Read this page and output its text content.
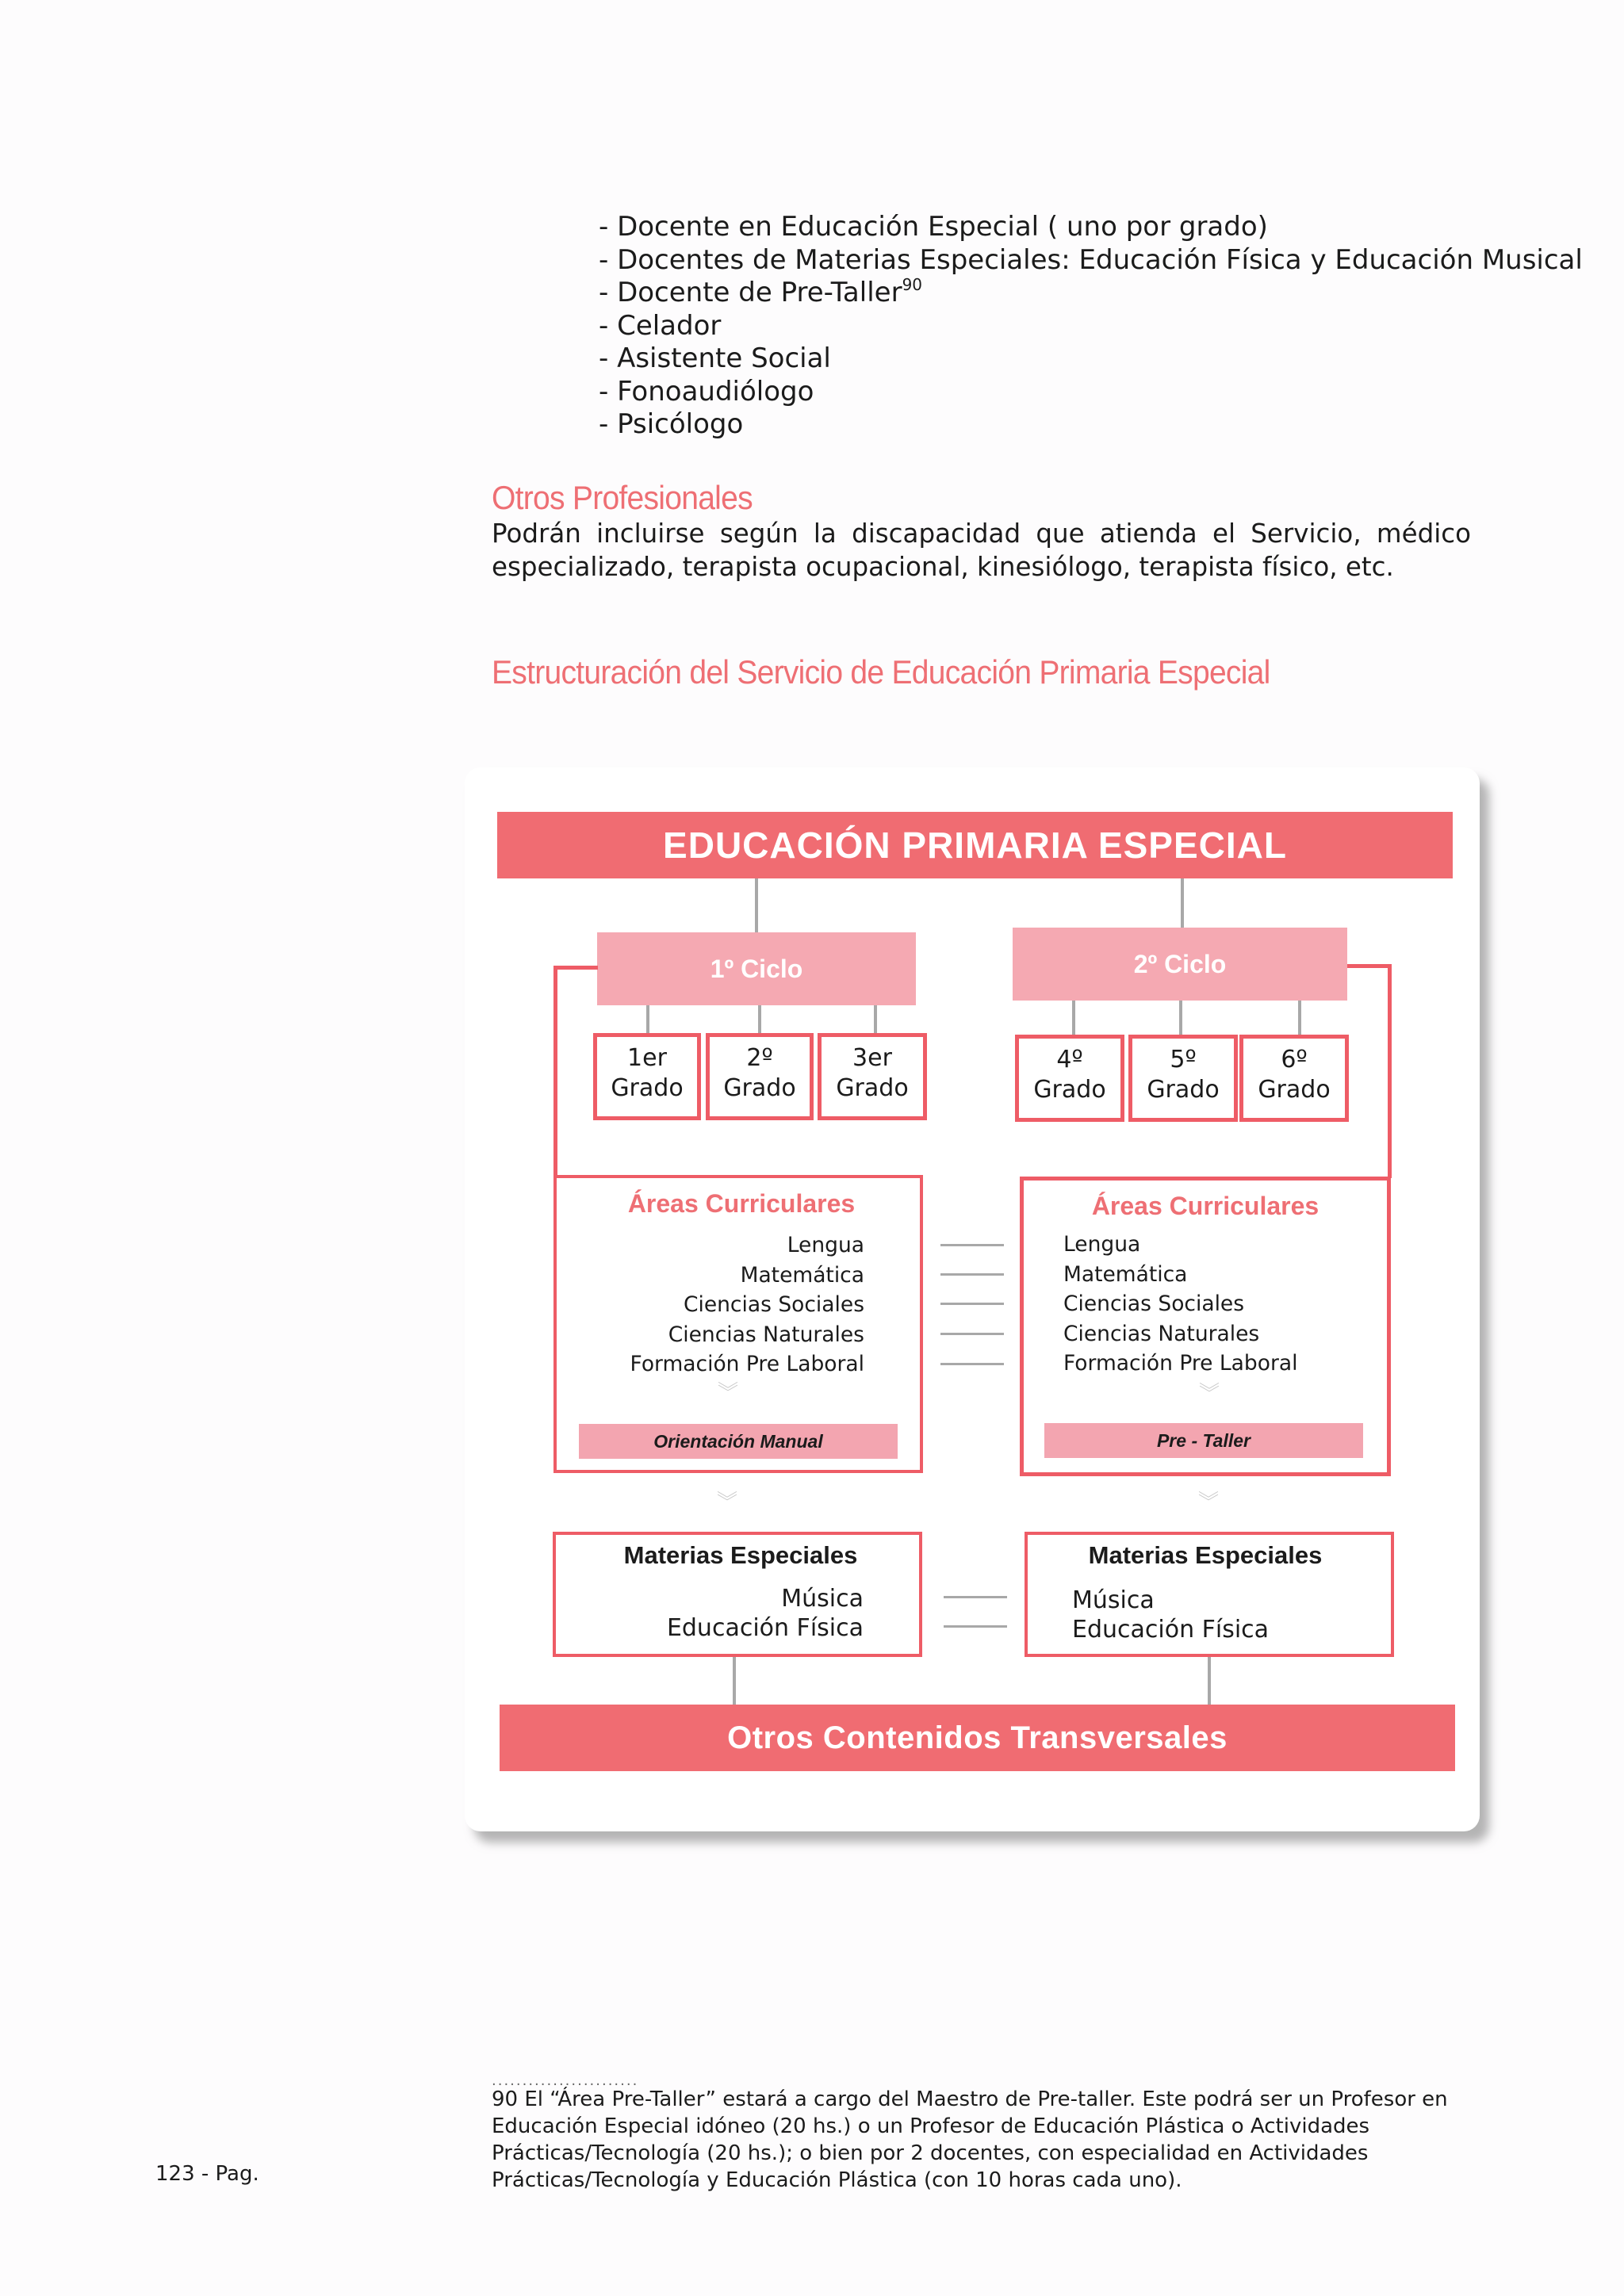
- Docente en Educación Especial ( uno por grado)
- Docentes de Materias Especiales: Educación Física y Educación Musical
- Docente de Pre-Taller$^{90}$
- Celador
- Asistente Social
- Fonoaudiólogo
- Psicólogo
Otros Profesionales
Podrán incluirse según la discapacidad que atienda el Servicio, médico especializado, terapista ocupacional, kinesiólogo, terapista físico, etc.
Estructuración del Servicio de Educación Primaria Especial
EDUCACIÓN PRIMARIA ESPECIAL
1º Ciclo	2º Ciclo
1er
Grado
2º
Grado
3er
Grado
4º
Grado
5º
Grado
6º
Grado
Áreas Curriculares
Lengua
Matemática
Ciencias Sociales
Ciencias Naturales
Formación Pre Laboral
︾
Orientación Manual
Áreas Curriculares
Lengua
Matemática
Ciencias Sociales
Ciencias Naturales
Formación Pre Laboral
︾
Pre - Taller
︾	︾
Materias Especiales
Música
Educación Física
Materias Especiales
Música
Educación Física
Otros Contenidos Transversales
........................
90 El “Área Pre-Taller” estará a cargo del Maestro de Pre-taller. Este podrá ser un Profesor en Educación Especial idóneo (20 hs.) o un Profesor de Educación Plástica o Actividades Prácticas/Tecnología (20 hs.); o bien por 2 docentes, con especialidad en Actividades Prácticas/Tecnología y Educación Plástica (con 10 horas cada uno).
123 - Pag.
